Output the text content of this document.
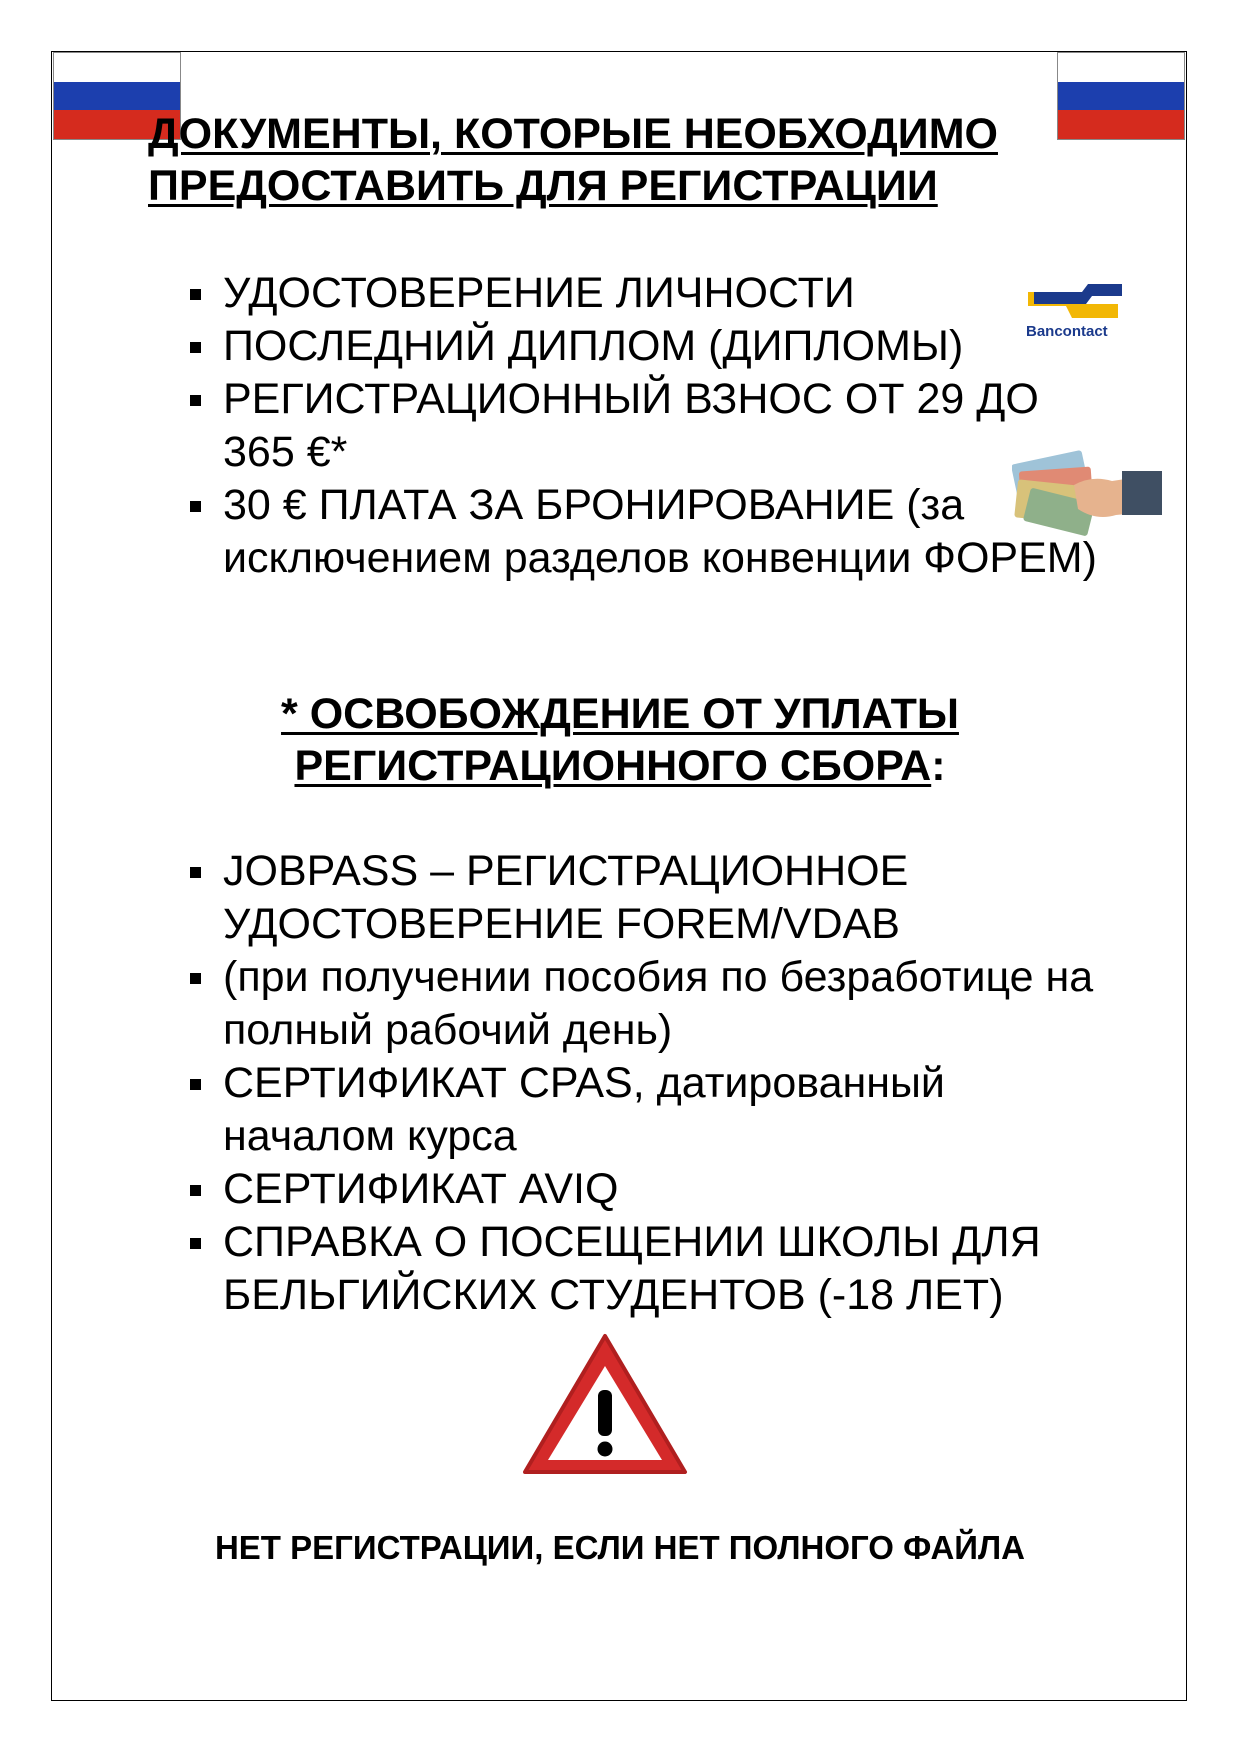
ДОКУМЕНТЫ, КОТОРЫЕ НЕОБХОДИМО
ПРЕДОСТАВИТЬ ДЛЯ РЕГИСТРАЦИИ
УДОСТОВЕРЕНИЕ ЛИЧНОСТИ
ПОСЛЕДНИЙ ДИПЛОМ (ДИПЛОМЫ)
РЕГИСТРАЦИОННЫЙ ВЗНОС ОТ 29 ДО 365 €*
30 € ПЛАТА ЗА БРОНИРОВАНИЕ (за исключением разделов конвенции ФОРЕМ)
Bancontact

* ОСВОБОЖДЕНИЕ ОТ УПЛАТЫ
РЕГИСТРАЦИОННОГО СБОРА:

JOBPASS – РЕГИСТРАЦИОННОЕ УДОСТОВЕРЕНИЕ FOREM/VDAB
(при получении пособия по безработице на полный рабочий день)
СЕРТИФИКАТ CPAS, датированный началом курса
СЕРТИФИКАТ AVIQ
СПРАВКА О ПОСЕЩЕНИИ ШКОЛЫ ДЛЯ БЕЛЬГИЙСКИХ СТУДЕНТОВ (-18 ЛЕТ)

НЕТ РЕГИСТРАЦИИ, ЕСЛИ НЕТ ПОЛНОГО ФАЙЛА
